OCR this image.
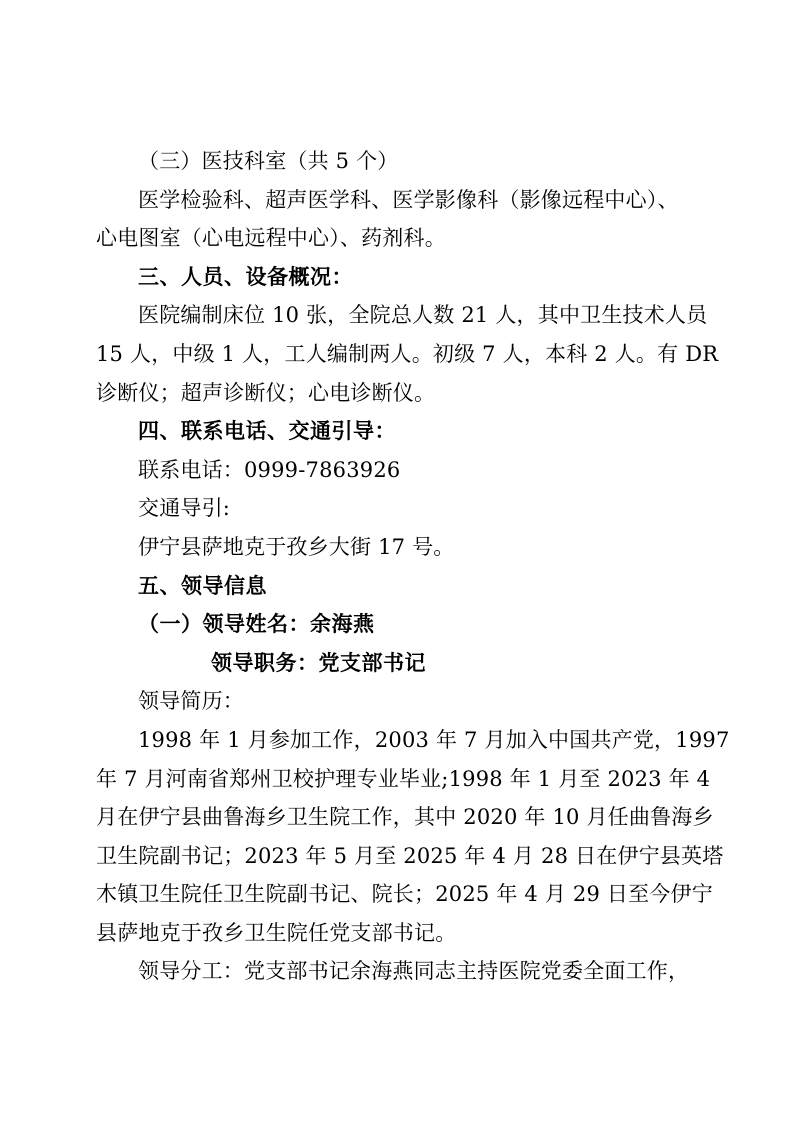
（三）医技科室（共 5 个）
医学检验科、超声医学科、医学影像科（影像远程中心）、
心电图室（心电远程中心）、药剂科。
三、人员、设备概况：
医院编制床位 10 张，全院总人数 21 人，其中卫生技术人员
15 人，中级 1 人，工人编制两人。初级 7 人，本科 2 人。有 DR
诊断仪；超声诊断仪；心电诊断仪。
四、联系电话、交通引导：
联系电话：0999-7863926
交通导引:
伊宁县萨地克于孜乡大街 17 号。
五、领导信息
（一）领导姓名：余海燕
领导职务：党支部书记
领导简历：
1998 年 1 月参加工作，2003 年 7 月加入中国共产党，1997
年 7 月河南省郑州卫校护理专业毕业;1998 年 1 月至 2023 年 4
月在伊宁县曲鲁海乡卫生院工作，其中 2020 年 10 月任曲鲁海乡
卫生院副书记；2023 年 5 月至 2025 年 4 月 28 日在伊宁县英塔
木镇卫生院任卫生院副书记、院长；2025 年 4 月 29 日至今伊宁
县萨地克于孜乡卫生院任党支部书记。
领导分工：党支部书记余海燕同志主持医院党委全面工作，
